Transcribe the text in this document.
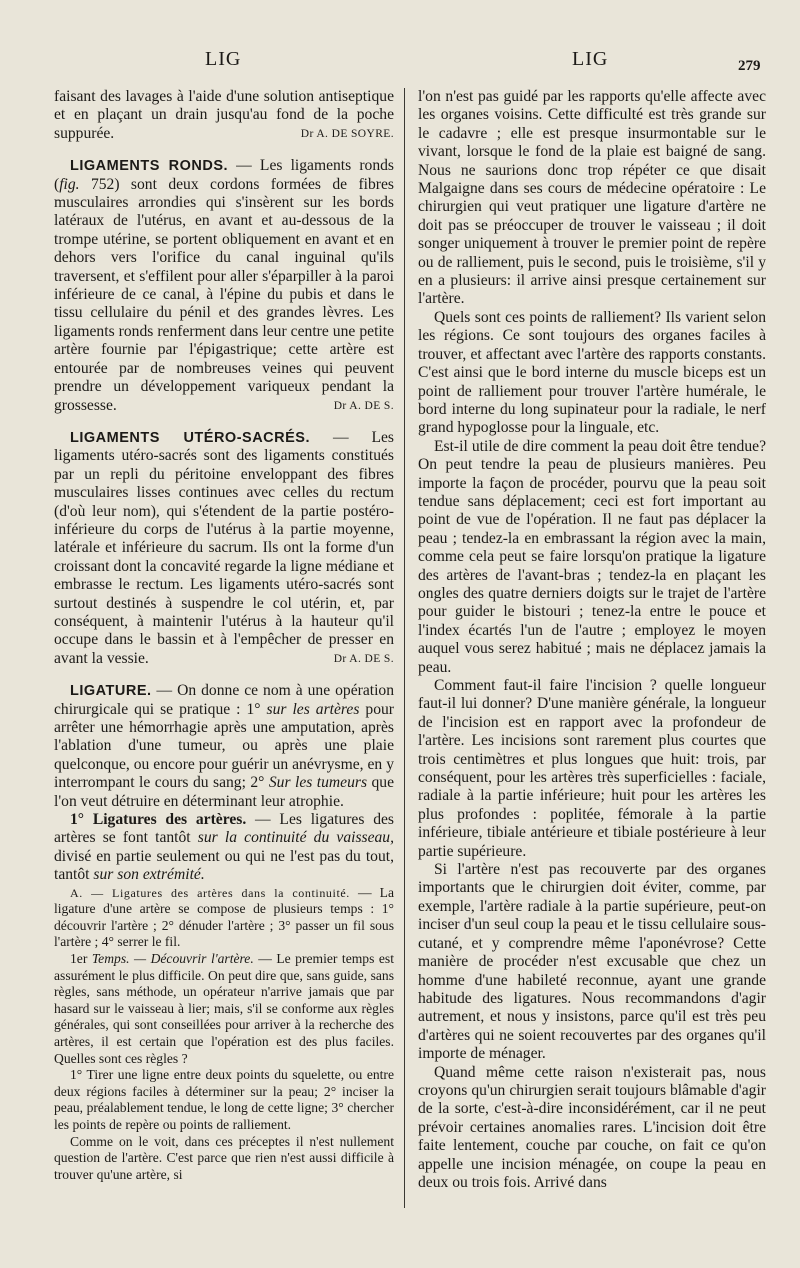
LIG	LIG	279

faisant des lavages à l'aide d'une solution antiseptique et en plaçant un drain jusqu'au fond de la poche suppurée.	Dr A. DE SOYRE.

LIGAMENTS RONDS. — Les ligaments ronds (fig. 752) sont deux cordons formées de fibres musculaires arrondies qui s'insèrent sur les bords latéraux de l'utérus, en avant et au-dessous de la trompe utérine, se portent obliquement en avant et en dehors vers l'orifice du canal inguinal qu'ils traversent, et s'effilent pour aller s'éparpiller à la paroi inférieure de ce canal, à l'épine du pubis et dans le tissu cellulaire du pénil et des grandes lèvres. Les ligaments ronds renferment dans leur centre une petite artère fournie par l'épigastrique; cette artère est entourée par de nombreuses veines qui peuvent prendre un développement variqueux pendant la grossesse.	Dr A. DE S.

LIGAMENTS UTÉRO-SACRÉS. — Les ligaments utéro-sacrés sont des ligaments constitués par un repli du péritoine enveloppant des fibres musculaires lisses continues avec celles du rectum (d'où leur nom), qui s'étendent de la partie postéro-inférieure du corps de l'utérus à la partie moyenne, latérale et inférieure du sacrum. Ils ont la forme d'un croissant dont la concavité regarde la ligne médiane et embrasse le rectum. Les ligaments utéro-sacrés sont surtout destinés à suspendre le col utérin, et, par conséquent, à maintenir l'utérus à la hauteur qu'il occupe dans le bassin et à l'empêcher de presser en avant la vessie.	Dr A. DE S.

LIGATURE. — On donne ce nom à une opération chirurgicale qui se pratique : 1° sur les artères pour arrêter une hémorrhagie après une amputation, après l'ablation d'une tumeur, ou après une plaie quelconque, ou encore pour guérir un anévrysme, en y interrompant le cours du sang; 2° Sur les tumeurs que l'on veut détruire en déterminant leur atrophie.

1° Ligatures des artères. — Les ligatures des artères se font tantôt sur la continuité du vaisseau, divisé en partie seulement ou qui ne l'est pas du tout, tantôt sur son extrémité.

A. — Ligatures des artères dans la continuité. — La ligature d'une artère se compose de plusieurs temps : 1° découvrir l'artère ; 2° dénuder l'artère ; 3° passer un fil sous l'artère ; 4° serrer le fil.

1er Temps. — Découvrir l'artère. — Le premier temps est assurément le plus difficile. On peut dire que, sans guide, sans règles, sans méthode, un opérateur n'arrive jamais que par hasard sur le vaisseau à lier; mais, s'il se conforme aux règles générales, qui sont conseillées pour arriver à la recherche des artères, il est certain que l'opération est des plus faciles. Quelles sont ces règles ?

1° Tirer une ligne entre deux points du squelette, ou entre deux régions faciles à déterminer sur la peau; 2° inciser la peau, préalablement tendue, le long de cette ligne; 3° chercher les points de repère ou points de ralliement.

Comme on le voit, dans ces préceptes il n'est nullement question de l'artère. C'est parce que rien n'est aussi difficile à trouver qu'une artère, si

l'on n'est pas guidé par les rapports qu'elle affecte avec les organes voisins. Cette difficulté est très grande sur le cadavre ; elle est presque insurmontable sur le vivant, lorsque le fond de la plaie est baigné de sang. Nous ne saurions donc trop répéter ce que disait Malgaigne dans ses cours de médecine opératoire : Le chirurgien qui veut pratiquer une ligature d'artère ne doit pas se préoccuper de trouver le vaisseau ; il doit songer uniquement à trouver le premier point de repère ou de ralliement, puis le second, puis le troisième, s'il y en a plusieurs: il arrive ainsi presque certainement sur l'artère.

Quels sont ces points de ralliement? Ils varient selon les régions. Ce sont toujours des organes faciles à trouver, et affectant avec l'artère des rapports constants. C'est ainsi que le bord interne du muscle biceps est un point de ralliement pour trouver l'artère humérale, le bord interne du long supinateur pour la radiale, le nerf grand hypoglosse pour la linguale, etc.

Est-il utile de dire comment la peau doit être tendue? On peut tendre la peau de plusieurs manières. Peu importe la façon de procéder, pourvu que la peau soit tendue sans déplacement; ceci est fort important au point de vue de l'opération. Il ne faut pas déplacer la peau ; tendez-la en embrassant la région avec la main, comme cela peut se faire lorsqu'on pratique la ligature des artères de l'avant-bras ; tendez-la en plaçant les ongles des quatre derniers doigts sur le trajet de l'artère pour guider le bistouri ; tenez-la entre le pouce et l'index écartés l'un de l'autre ; employez le moyen auquel vous serez habitué ; mais ne déplacez jamais la peau.

Comment faut-il faire l'incision ? quelle longueur faut-il lui donner? D'une manière générale, la longueur de l'incision est en rapport avec la profondeur de l'artère. Les incisions sont rarement plus courtes que trois centimètres et plus longues que huit: trois, par conséquent, pour les artères très superficielles : faciale, radiale à la partie inférieure; huit pour les artères les plus profondes : poplitée, fémorale à la partie inférieure, tibiale antérieure et tibiale postérieure à leur partie supérieure.

Si l'artère n'est pas recouverte par des organes importants que le chirurgien doit éviter, comme, par exemple, l'artère radiale à la partie supérieure, peut-on inciser d'un seul coup la peau et le tissu cellulaire sous-cutané, et y comprendre même l'aponévrose? Cette manière de procéder n'est excusable que chez un homme d'une habileté reconnue, ayant une grande habitude des ligatures. Nous recommandons d'agir autrement, et nous y insistons, parce qu'il est très peu d'artères qui ne soient recouvertes par des organes qu'il importe de ménager.

Quand même cette raison n'existerait pas, nous croyons qu'un chirurgien serait toujours blâmable d'agir de la sorte, c'est-à-dire inconsidérément, car il ne peut prévoir certaines anomalies rares. L'incision doit être faite lentement, couche par couche, on fait ce qu'on appelle une incision ménagée, on coupe la peau en deux ou trois fois. Arrivé dans
